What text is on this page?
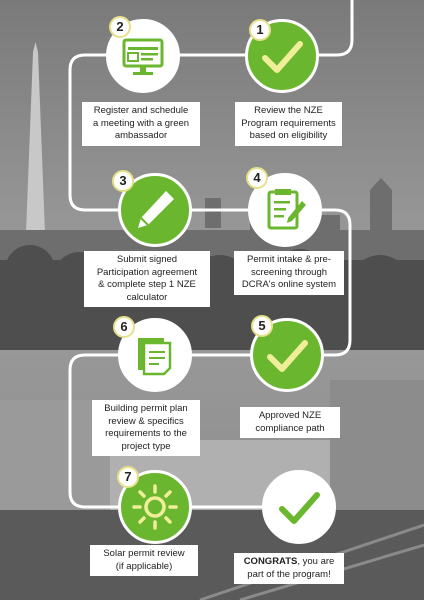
1
Review the NZE
Program requirements
based on eligibility
2
Register and schedule
a meeting with a green
ambassador
3
Submit signed
Participation agreement
& complete step 1 NZE
calculator
4
Permit intake & pre-
screening through
DCRA's online system
5
Approved NZE
compliance path
6
Building permit plan
review & specifics
requirements to the
project type
7
Solar permit review
(if applicable)	CONGRATS, you are
part of the program!
